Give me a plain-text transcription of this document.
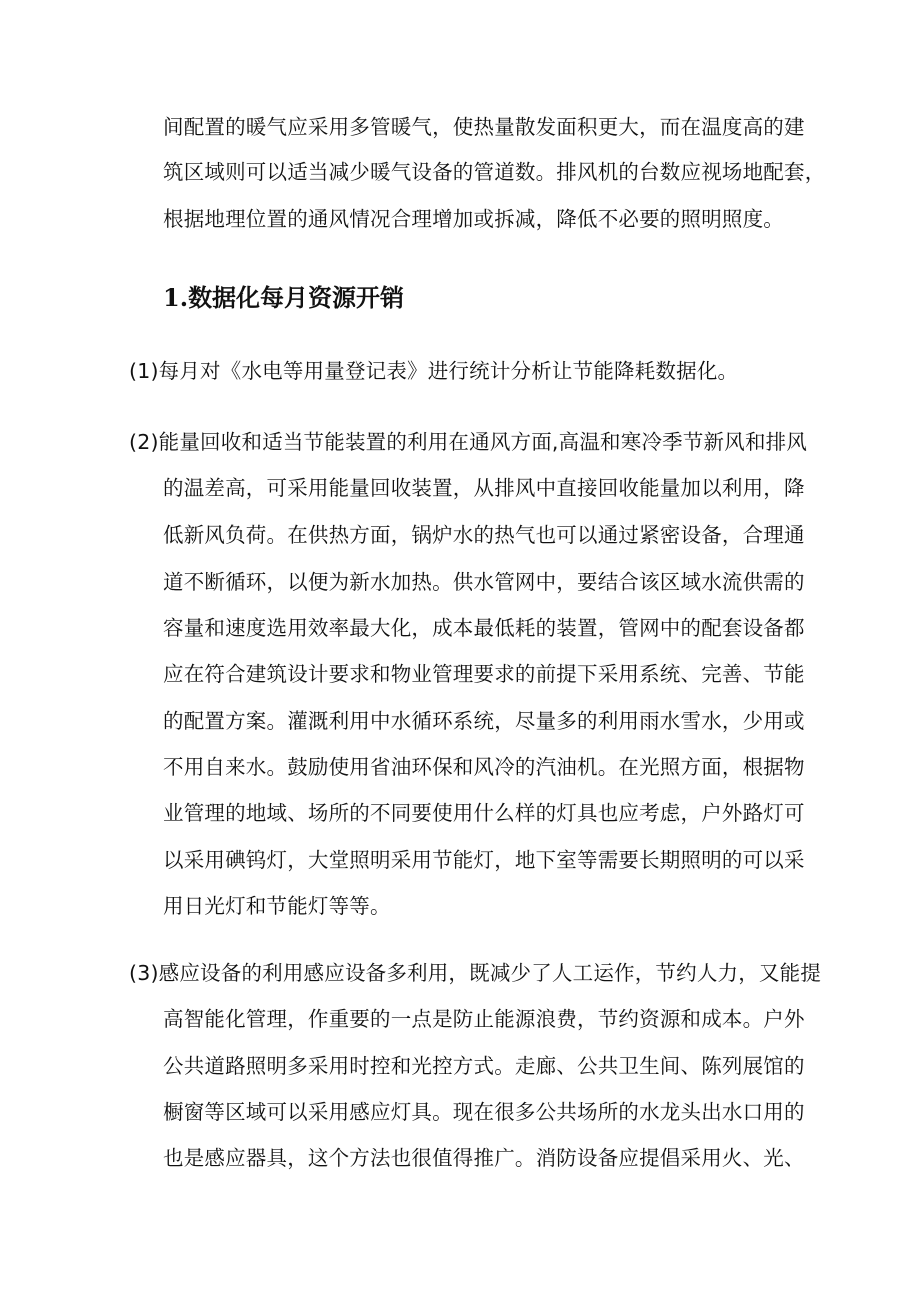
间配置的暖气应采用多管暖气，使热量散发面积更大，而在温度高的建
筑区域则可以适当减少暖气设备的管道数。排风机的台数应视场地配套，
根据地理位置的通风情况合理增加或拆减，降低不必要的照明照度。
1.数据化每月资源开销
(1)每月对《水电等用量登记表》进行统计分析让节能降耗数据化。
(2)能量回收和适当节能装置的利用在通风方面,高温和寒冷季节新风和排风
的温差高，可采用能量回收装置，从排风中直接回收能量加以利用，降
低新风负荷。在供热方面，锅炉水的热气也可以通过紧密设备，合理通
道不断循环，以便为新水加热。供水管网中，要结合该区域水流供需的
容量和速度选用效率最大化，成本最低耗的装置，管网中的配套设备都
应在符合建筑设计要求和物业管理要求的前提下采用系统、完善、节能
的配置方案。灌溉利用中水循环系统，尽量多的利用雨水雪水，少用或
不用自来水。鼓励使用省油环保和风冷的汽油机。在光照方面，根据物
业管理的地域、场所的不同要使用什么样的灯具也应考虑，户外路灯可
以采用碘钨灯，大堂照明采用节能灯，地下室等需要长期照明的可以采
用日光灯和节能灯等等。
(3)感应设备的利用感应设备多利用，既减少了人工运作，节约人力，又能提
高智能化管理，作重要的一点是防止能源浪费，节约资源和成本。户外
公共道路照明多采用时控和光控方式。走廊、公共卫生间、陈列展馆的
橱窗等区域可以采用感应灯具。现在很多公共场所的水龙头出水口用的
也是感应器具，这个方法也很值得推广。消防设备应提倡采用火、光、
